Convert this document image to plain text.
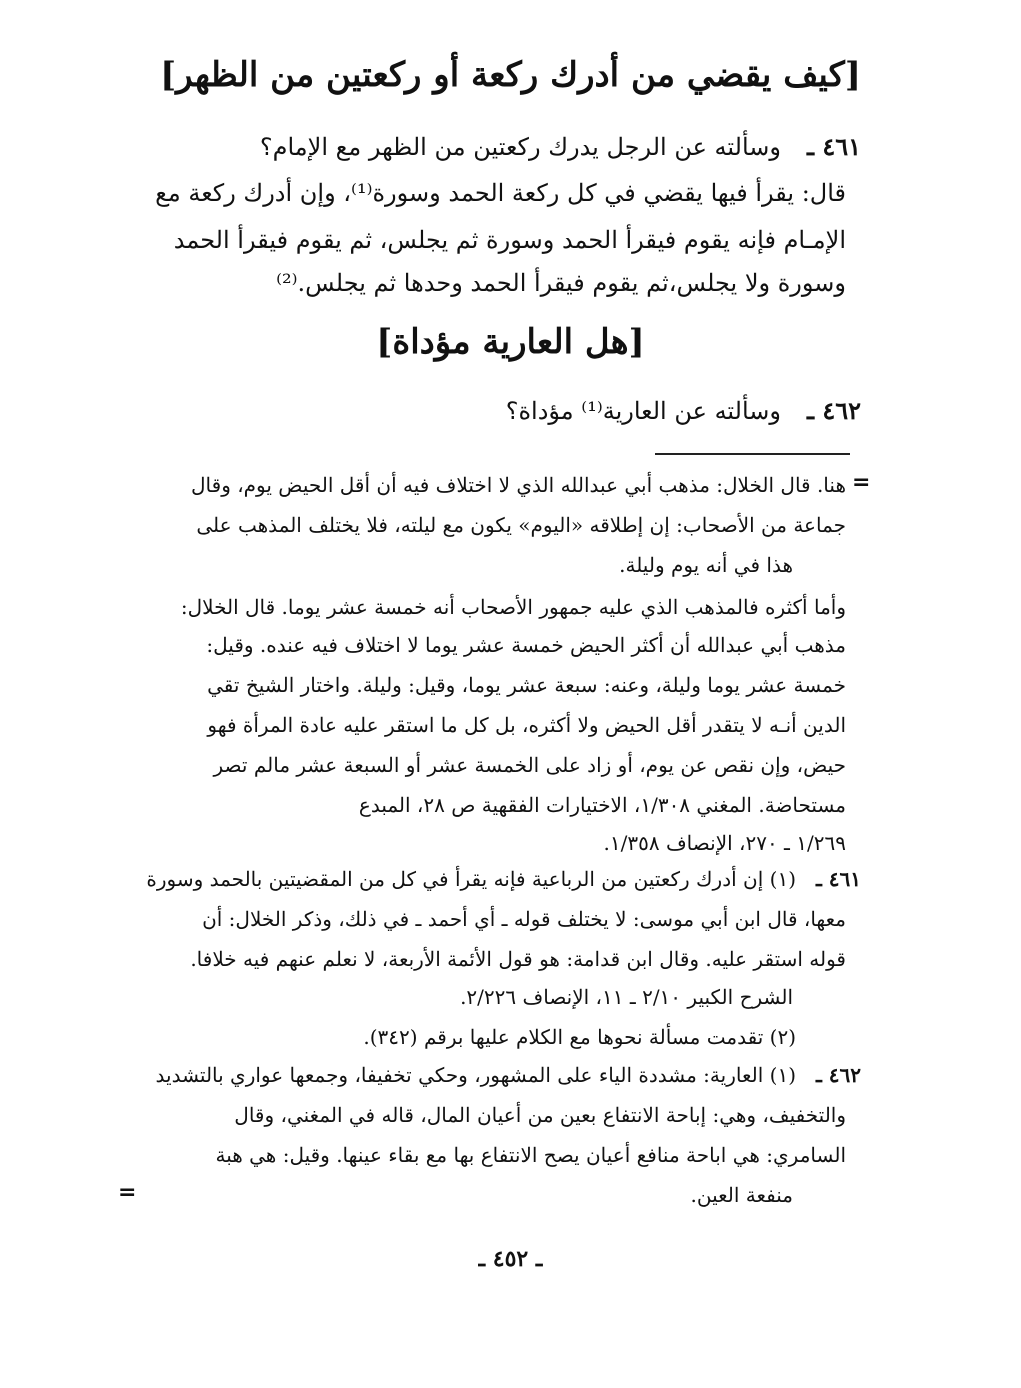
[كيف يقضي من أدرك ركعة أو ركعتين من الظهر]
٤٦١ ـ
وسألته عن الرجل يدرك ركعتين من الظهر مع الإمام؟
قال: يقرأ فيها يقضي في كل ركعة الحمد وسورة⁽¹⁾، وإن أدرك ركعة مع
الإمـام فإنه يقوم فيقرأ الحمد وسورة ثم يجلس، ثم يقوم فيقرأ الحمد
وسورة ولا يجلس،ثم يقوم فيقرأ الحمد وحدها ثم يجلس.⁽²⁾
[هل العارية مؤداة]
٤٦٢ ـ
وسألته عن العارية⁽¹⁾ مؤداة؟
=
هنا. قال الخلال: مذهب أبي عبدالله الذي لا اختلاف فيه أن أقل الحيض يوم، وقال
جماعة من الأصحاب: إن إطلاقه «اليوم» يكون مع ليلته، فلا يختلف المذهب على
هذا في أنه يوم وليلة.
وأما أكثره فالمذهب الذي عليه جمهور الأصحاب أنه خمسة عشر يوما. قال الخلال:
مذهب أبي عبدالله أن أكثر الحيض خمسة عشر يوما لا اختلاف فيه عنده. وقيل:
خمسة عشر يوما وليلة، وعنه: سبعة عشر يوما، وقيل: وليلة. واختار الشيخ تقي
الدين أنـه لا يتقدر أقل الحيض ولا أكثره، بل كل ما استقر عليه عادة المرأة فهو
حيض، وإن نقص عن يوم، أو زاد على الخمسة عشر أو السبعة عشر مالم تصر
مستحاضة. المغني ١/٣٠٨، الاختيارات الفقهية ص ٢٨، المبدع
١/٢٦٩ ـ ٢٧٠، الإنصاف ١/٣٥٨.
٤٦١ ـ
(١) إن أدرك ركعتين من الرباعية فإنه يقرأ في كل من المقضيتين بالحمد وسورة
معها، قال ابن أبي موسى: لا يختلف قوله ـ أي أحمد ـ في ذلك، وذكر الخلال: أن
قوله استقر عليه. وقال ابن قدامة: هو قول الأئمة الأربعة، لا نعلم عنهم فيه خلافا.
الشرح الكبير ٢/١٠ ـ ١١، الإنصاف ٢/٢٢٦.
(٢) تقدمت مسألة نحوها مع الكلام عليها برقم (٣٤٢).
٤٦٢ ـ
(١) العارية: مشددة الياء على المشهور، وحكي تخفيفا، وجمعها عواري بالتشديد
والتخفيف، وهي: إباحة الانتفاع بعين من أعيان المال، قاله في المغني، وقال
السامري: هي اباحة منافع أعيان يصح الانتفاع بها مع بقاء عينها. وقيل: هي هبة
منفعة العين.
=
ـ ٤٥٢ ـ
